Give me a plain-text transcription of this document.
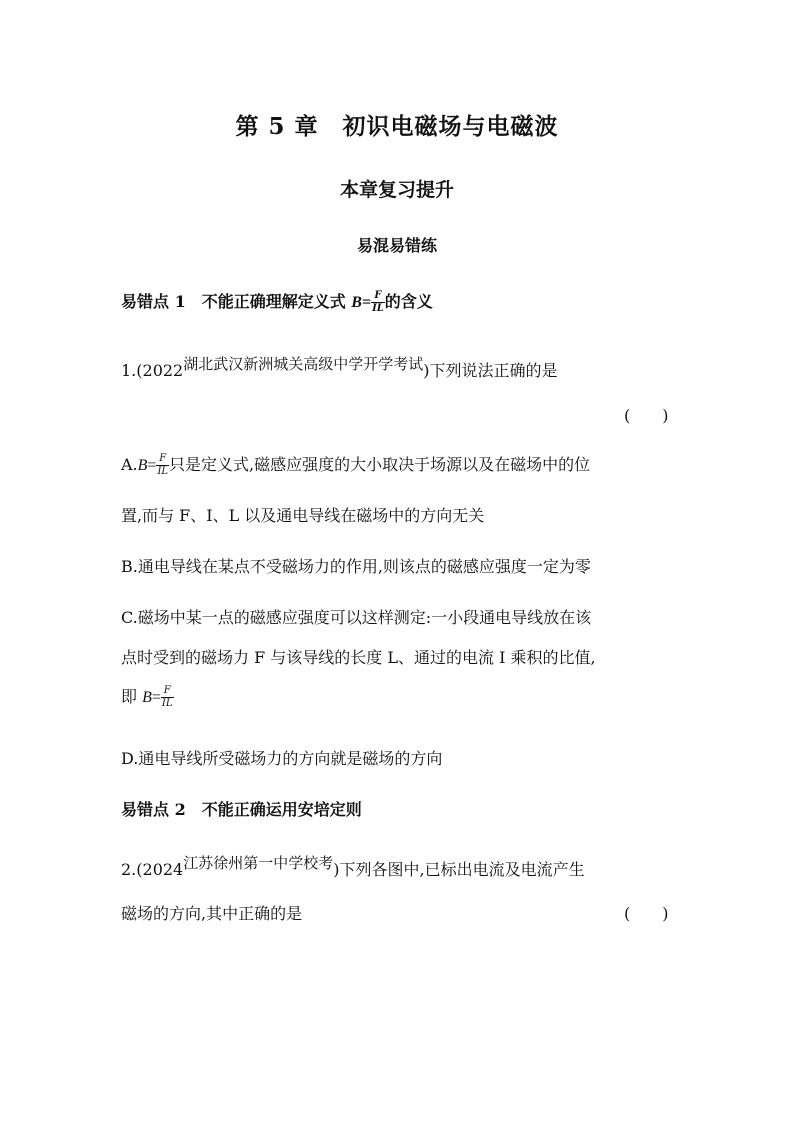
第 5 章　初识电磁场与电磁波
本章复习提升
易混易错练
易错点 1　不能正确理解定义式 $B= \frac{F}{IL}$ 的含义
1.(2022湖北武汉新洲城关高级中学开学考试)下列说法正确的是
(　　)
$A.B= \frac{F}{IL}$ 只是定义式,磁感应强度的大小取决于场源以及在磁场中的位
置,而与 F、I、L 以及通电导线在磁场中的方向无关
B.通电导线在某点不受磁场力的作用,则该点的磁感应强度一定为零
C.磁场中某一点的磁感应强度可以这样测定:一小段通电导线放在该
点时受到的磁场力 F 与该导线的长度 L、通过的电流 I 乘积的比值,
即 $B= \frac{F}{IL}$
D.通电导线所受磁场力的方向就是磁场的方向
易错点 2　不能正确运用安培定则
2.(2024江苏徐州第一中学校考)下列各图中,已标出电流及电流产生
磁场的方向,其中正确的是	(　　)
